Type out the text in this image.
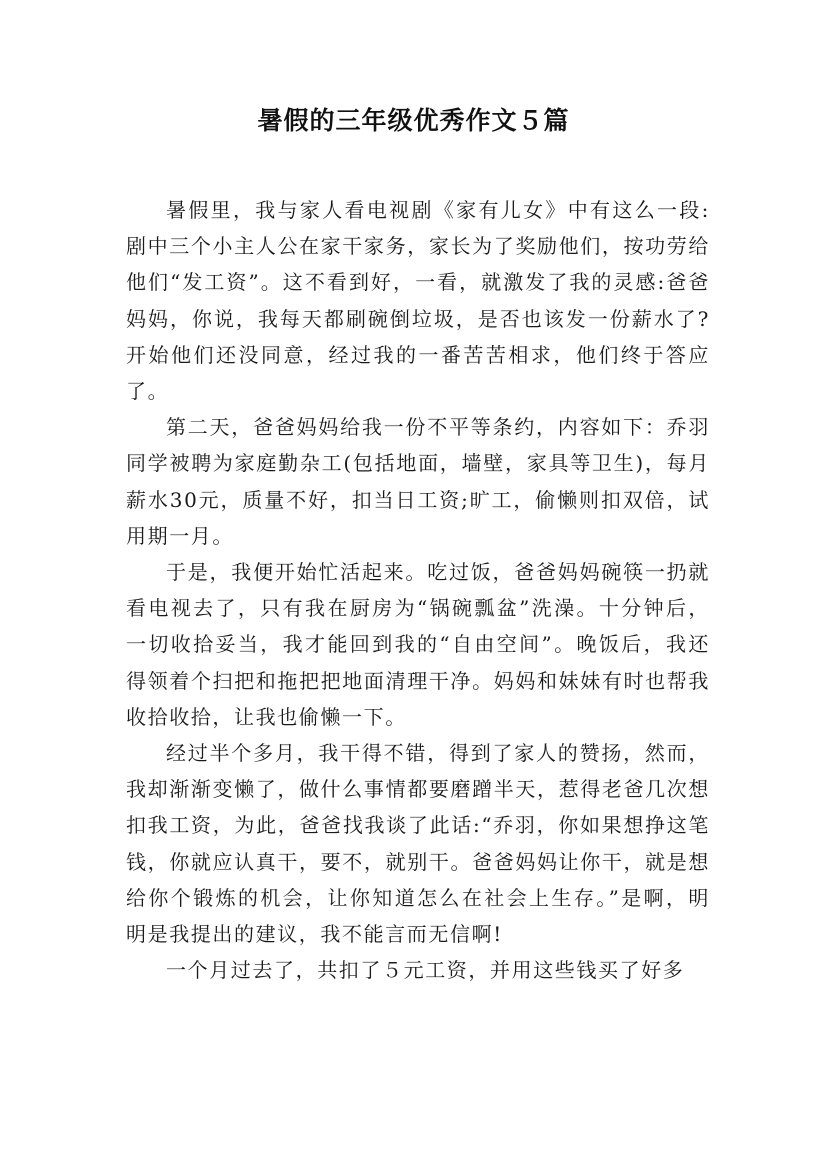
暑假的三年级优秀作文５篇

暑假里，我与家人看电视剧《家有儿女》中有这么一段:剧中三个小主人公在家干家务，家长为了奖励他们，按功劳给他们“发工资”。这不看到好，一看，就激发了我的灵感:爸爸妈妈，你说，我每天都刷碗倒垃圾，是否也该发一份薪水了?开始他们还没同意，经过我的一番苦苦相求，他们终于答应了。

第二天，爸爸妈妈给我一份不平等条约，内容如下：乔羽同学被聘为家庭勤杂工(包括地面，墙壁，家具等卫生)，每月薪水30元，质量不好，扣当日工资;旷工，偷懒则扣双倍，试用期一月。

于是，我便开始忙活起来。吃过饭，爸爸妈妈碗筷一扔就看电视去了，只有我在厨房为“锅碗瓢盆”洗澡。十分钟后，一切收拾妥当，我才能回到我的“自由空间”。晚饭后，我还得领着个扫把和拖把把地面清理干净。妈妈和妹妹有时也帮我收拾收拾，让我也偷懒一下。

经过半个多月，我干得不错，得到了家人的赞扬，然而，我却渐渐变懒了，做什么事情都要磨蹭半天，惹得老爸几次想扣我工资，为此，爸爸找我谈了此话:“乔羽，你如果想挣这笔钱，你就应认真干，要不，就别干。爸爸妈妈让你干，就是想给你个锻炼的机会，让你知道怎么在社会上生存。”是啊，明明是我提出的建议，我不能言而无信啊!

一个月过去了，共扣了５元工资，并用这些钱买了好多
